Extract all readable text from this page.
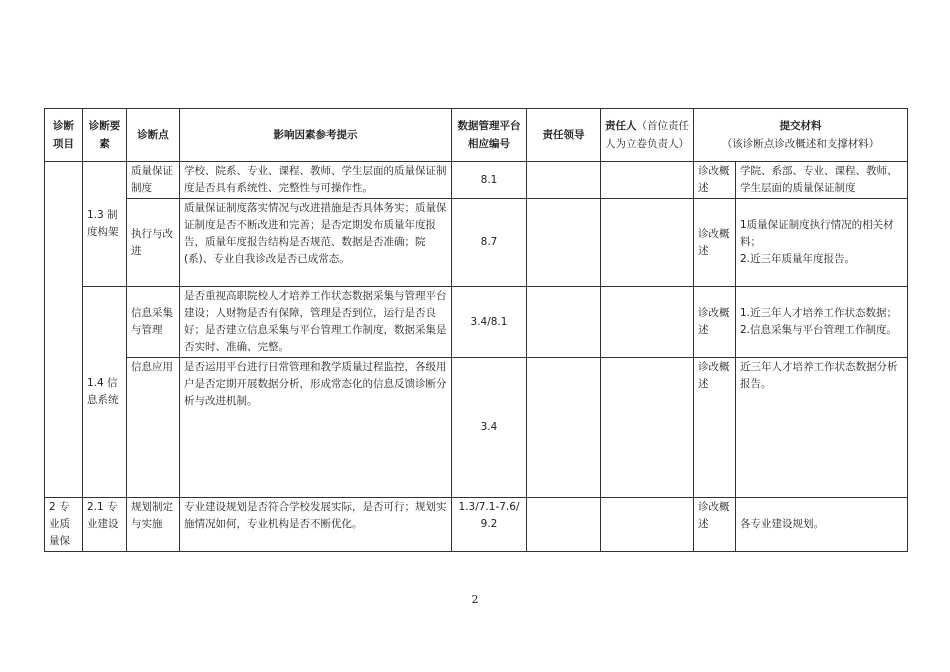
诊断项目	诊断要素	诊断点	影响因素参考提示	数据管理平台相应编号	责任领导	责任人（首位责任人为立卷负责人）	提交材料
（该诊断点诊改概述和支撑材料）	

	1.3 制度构架	质量保证制度	学校、院系、专业、课程、教师、学生层面的质量保证制度是否具有系统性、完整性与可操作性。	8.1			诊改概述	学院、系部、专业、课程、教师、学生层面的质量保证制度
		执行与改进	质量保证制度落实情况与改进措施是否具体务实；质量保证制度是否不断改进和完善；是否定期发布质量年度报告，质量年度报告结构是否规范、数据是否准确；院(系)、专业自我诊改是否已成常态。	8.7			诊改概述	1质量保证制度执行情况的相关材料；
2.近三年质量年度报告。

	1.4 信息系统	信息采集与管理	是否重视高职院校人才培养工作状态数据采集与管理平台建设；人财物是否有保障，管理是否到位，运行是否良好；是否建立信息采集与平台管理工作制度，数据采集是否实时、准确、完整。	3.4/8.1			诊改概述	1.近三年人才培养工作状态数据；
2.信息采集与平台管理工作制度。

		信息应用	是否运用平台进行日常管理和教学质量过程监控，各级用户是否定期开展数据分析，形成常态化的信息反馈诊断分析与改进机制。	3.4			诊改概述	近三年人才培养工作状态数据分析报告。
2 专业质量保	2.1 专业建设	规划制定与实施	专业建设规划是否符合学校发展实际，是否可行；规划实施情况如何，专业机构是否不断优化。	1.3/7.1-7.6/9.2			诊改概述	各专业建设规划。
2
